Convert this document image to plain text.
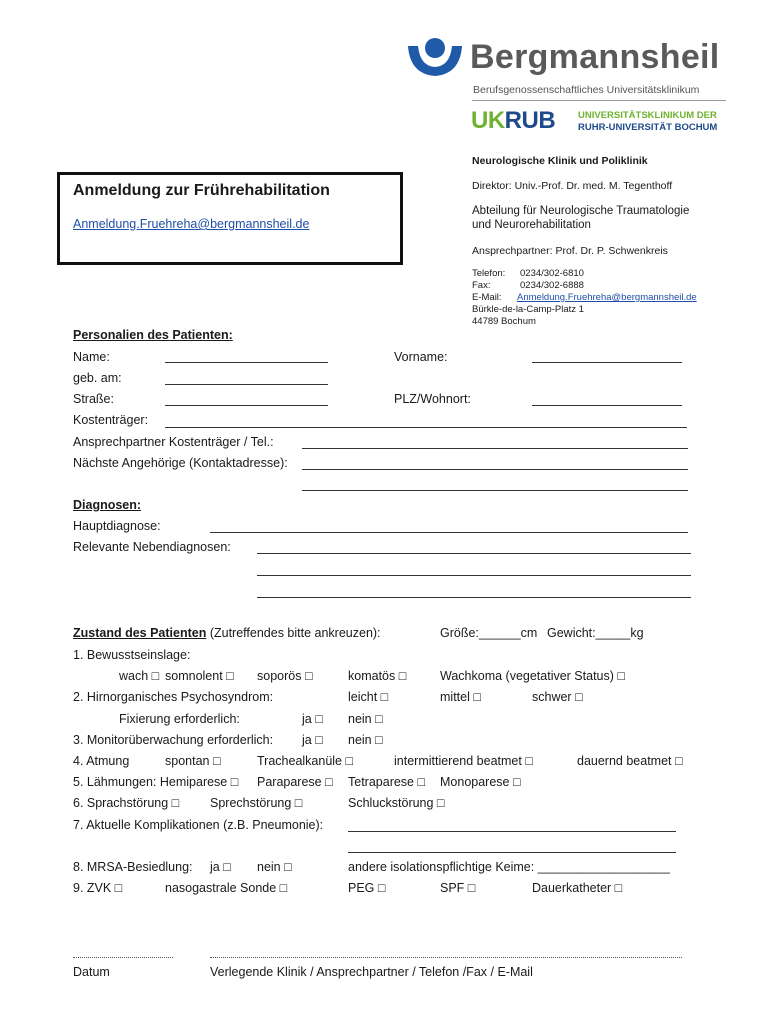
Bergmannsheil
Berufsgenossenschaftliches Universitätsklinikum
UKRUB UNIVERSITÄTSKLINIKUM DER
RUHR-UNIVERSITÄT BOCHUM
Neurologische Klinik und Poliklinik
Direktor: Univ.-Prof. Dr. med. M. Tegenthoff
Abteilung für Neurologische Traumatologie
und Neurorehabilitation
Ansprechpartner: Prof. Dr. P. Schwenkreis
Telefon: 0234/302-6810
Fax:	0234/302-6888
E-Mail: Anmeldung.Fruehreha@bergmannsheil.de
Bürkle-de-la-Camp-Platz 1
44789 Bochum
Anmeldung zur Frührehabilitation
Anmeldung.Fruehreha@bergmannsheil.de
Personalien des Patienten:
Name:	Vorname:
geb. am:
Straße:	PLZ/Wohnort:
Kostenträger:
Ansprechpartner Kostenträger / Tel.:
Nächste Angehörige (Kontaktadresse):
Diagnosen:
Hauptdiagnose:
Relevante Nebendiagnosen:
Zustand des Patienten (Zutreffendes bitte ankreuzen):	Größe:______cm Gewicht:_____kg
1. Bewusstseinslage:
wach □ somnolent □ soporös □	komatös □	Wachkoma (vegetativer Status) □
2. Hirnorganisches Psychosyndrom:	leicht □	mittel □	schwer □
Fixierung erforderlich:	ja □ nein □
3. Monitorüberwachung erforderlich: ja □ nein □
4. Atmung	spontan □	Trachealkanüle □	intermittierend beatmet □	dauernd beatmet □
5. Lähmungen: Hemiparese □ Paraparese □ Tetraparese □ Monoparese □
6. Sprachstörung □ Sprechstörung □	Schluckstörung □
7. Aktuelle Komplikationen (z.B. Pneumonie):
8. MRSA-Besiedlung: ja □ nein □	andere isolationspflichtige Keime: ___________________
9. ZVK □	nasogastrale Sonde □	PEG □	SPF □	Dauerkatheter □
Datum	Verlegende Klinik / Ansprechpartner / Telefon /Fax / E-Mail
